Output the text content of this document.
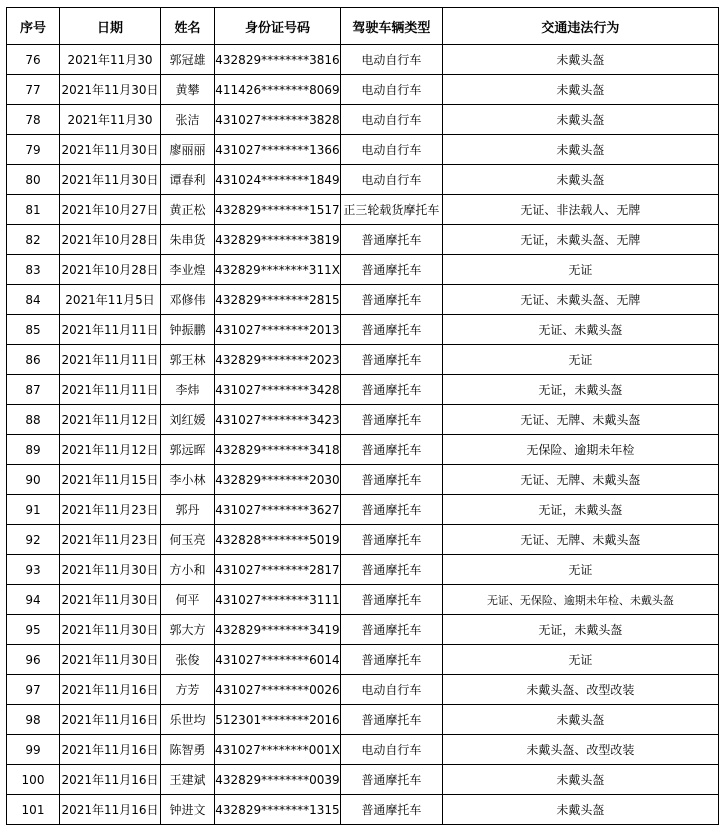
序号	日期	姓名	身份证号码	驾驶车辆类型	交通违法行为
76	2021年11月30	郭冠雄	432829********3816	电动自行车	未戴头盔
77	2021年11月30日	黄攀	411426********8069	电动自行车	未戴头盔
78	2021年11月30	张洁	431027********3828	电动自行车	未戴头盔
79	2021年11月30日	廖丽丽	431027********1366	电动自行车	未戴头盔
80	2021年11月30日	谭春利	431024********1849	电动自行车	未戴头盔
81	2021年10月27日	黄正松	432829********1517	正三轮载货摩托车	无证、非法载人、无牌
82	2021年10月28日	朱串货	432829********3819	普通摩托车	无证，未戴头盔、无牌
83	2021年10月28日	李业煌	432829********311X	普通摩托车	无证
84	2021年11月5日	邓修伟	432829********2815	普通摩托车	无证、未戴头盔、无牌
85	2021年11月11日	钟振鹏	431027********2013	普通摩托车	无证、未戴头盔
86	2021年11月11日	郭王林	432829********2023	普通摩托车	无证
87	2021年11月11日	李炜	431027********3428	普通摩托车	无证，未戴头盔
88	2021年11月12日	刘红媛	431027********3423	普通摩托车	无证、无牌、未戴头盔
89	2021年11月12日	郭远晖	432829********3418	普通摩托车	无保险、逾期未年检
90	2021年11月15日	李小林	432829********2030	普通摩托车	无证、无牌、未戴头盔
91	2021年11月23日	郭丹	431027********3627	普通摩托车	无证，未戴头盔
92	2021年11月23日	何玉亮	432828********5019	普通摩托车	无证、无牌、未戴头盔
93	2021年11月30日	方小和	431027********2817	普通摩托车	无证
94	2021年11月30日	何平	431027********3111	普通摩托车	无证、无保险、逾期未年检、未戴头盔
95	2021年11月30日	郭大方	432829********3419	普通摩托车	无证，未戴头盔
96	2021年11月30日	张俊	431027********6014	普通摩托车	无证
97	2021年11月16日	方芳	431027********0026	电动自行车	未戴头盔、改型改装
98	2021年11月16日	乐世均	512301********2016	普通摩托车	未戴头盔
99	2021年11月16日	陈智勇	431027********001X	电动自行车	未戴头盔、改型改装
100	2021年11月16日	王建斌	432829********0039	普通摩托车	未戴头盔
101	2021年11月16日	钟进文	432829********1315	普通摩托车	未戴头盔
